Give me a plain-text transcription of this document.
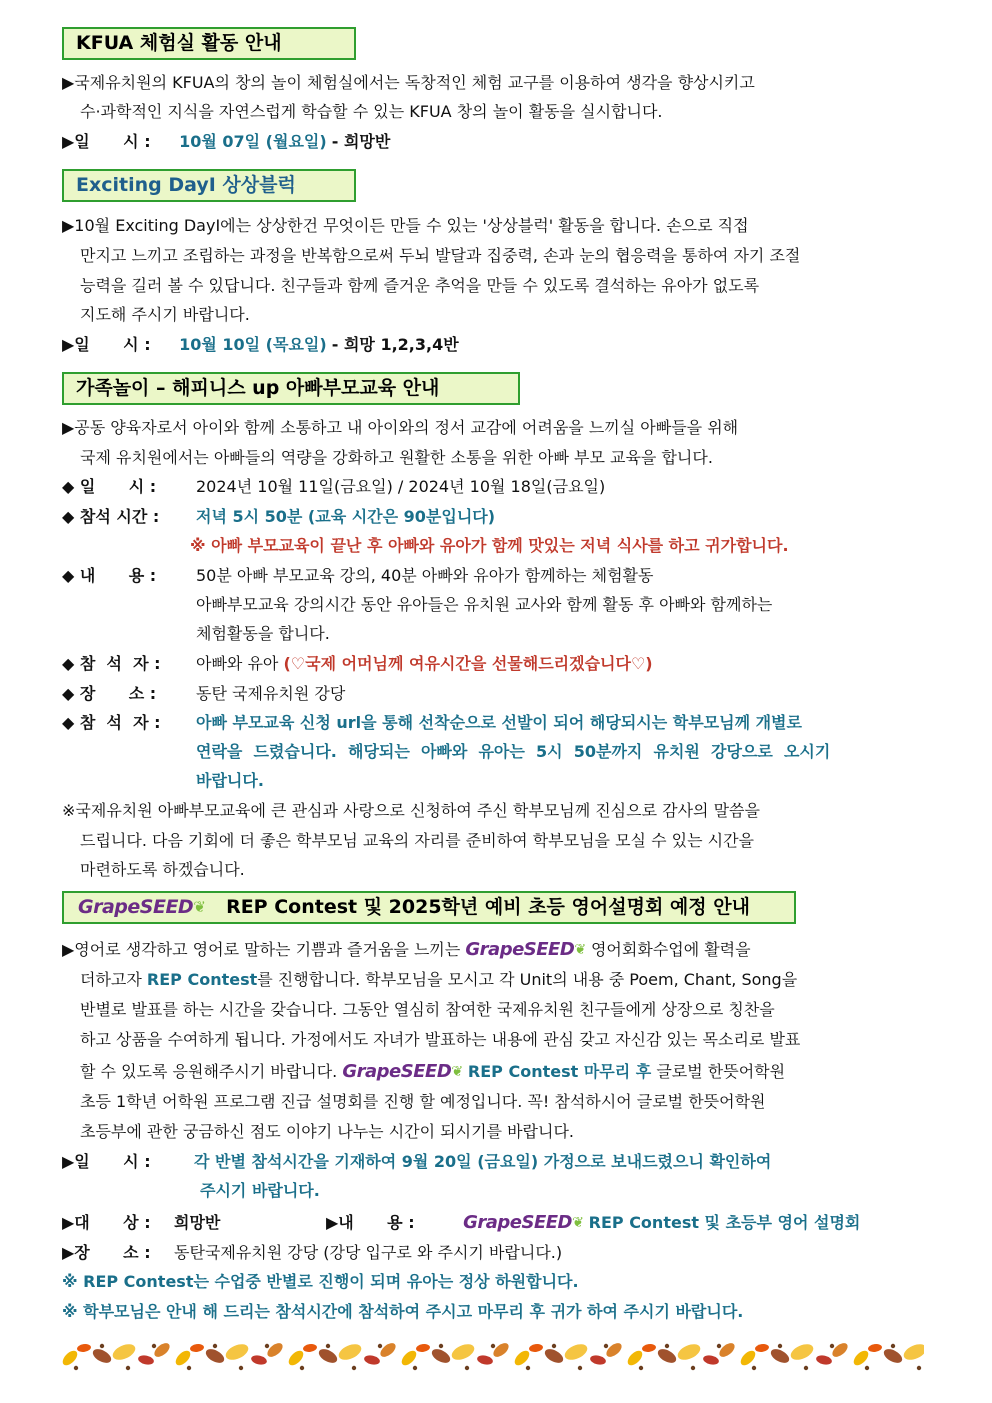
KFUA 체험실 활동 안내
▶국제유치원의 KFUA의 창의 놀이 체험실에서는 독창적인 체험 교구를 이용하여 생각을 향상시키고
수·과학적인 지식을 자연스럽게 학습할 수 있는 KFUA 창의 놀이 활동을 실시합니다.
▶일      시 : 10월 07일 (월요일) - 희망반
Exciting DayⅠ 상상블럭
▶10월 Exciting DayⅠ에는 상상한건 무엇이든 만들 수 있는 '상상블럭' 활동을 합니다. 손으로 직접
만지고 느끼고 조립하는 과정을 반복함으로써 두뇌 발달과 집중력, 손과 눈의 협응력을 통하여 자기 조절
능력을 길러 볼 수 있답니다. 친구들과 함께 즐거운 추억을 만들 수 있도록 결석하는 유아가 없도록
지도해 주시기 바랍니다.
▶일      시 : 10월 10일 (목요일) - 희망 1,2,3,4반
가족놀이 – 해피니스 up 아빠부모교육 안내
▶공동 양육자로서 아이와 함께 소통하고 내 아이와의 정서 교감에 어려움을 느끼실 아빠들을 위해
국제 유치원에서는 아빠들의 역량을 강화하고 원활한 소통을 위한 아빠 부모 교육을 합니다.
◆ 일      시 :	2024년 10월 11일(금요일) / 2024년 10월 18일(금요일)
◆ 참석 시간 :	저녁 5시 50분 (교육 시간은 90분입니다)
※ 아빠 부모교육이 끝난 후 아빠와 유아가 함께 맛있는 저녁 식사를 하고 귀가합니다.
◆ 내      용 :	50분 아빠 부모교육 강의, 40분 아빠와 유아가 함께하는 체험활동
아빠부모교육 강의시간 동안 유아들은 유치원 교사와 함께 활동 후 아빠와 함께하는
체험활동을 합니다.
◆ 참  석  자 :	아빠와 유아 (♡국제 어머님께 여유시간을 선물해드리겠습니다♡)
◆ 장      소 :	동탄 국제유치원 강당
◆ 참  석  자 :	아빠 부모교육 신청 url을 통해 선착순으로 선발이 되어 해당되시는 학부모님께 개별로
연락을  드렸습니다.  해당되는  아빠와  유아는  5시  50분까지  유치원  강당으로  오시기
바랍니다.
※국제유치원 아빠부모교육에 큰 관심과 사랑으로 신청하여 주신 학부모님께 진심으로 감사의 말씀을
드립니다. 다음 기회에 더 좋은 학부모님 교육의 자리를 준비하여 학부모님을 모실 수 있는 시간을
마련하도록 하겠습니다.
GrapeSEED❦ REP Contest 및 2025학년 예비 초등 영어설명회 예정 안내
▶영어로 생각하고 영어로 말하는 기쁨과 즐거움을 느끼는 GrapeSEED❦ 영어회화수업에 활력을
더하고자 REP Contest를 진행합니다. 학부모님을 모시고 각 Unit의 내용 중 Poem, Chant, Song을
반별로 발표를 하는 시간을 갖습니다. 그동안 열심히 참여한 국제유치원 친구들에게 상장으로 칭찬을
하고 상품을 수여하게 됩니다. 가정에서도 자녀가 발표하는 내용에 관심 갖고 자신감 있는 목소리로 발표
할 수 있도록 응원해주시기 바랍니다. GrapeSEED❦ REP Contest 마무리 후 글로벌 한뜻어학원
초등 1학년 어학원 프로그램 진급 설명회를 진행 할 예정입니다. 꼭! 참석하시어 글로벌 한뜻어학원
초등부에 관한 궁금하신 점도 이야기 나누는 시간이 되시기를 바랍니다.
▶일      시 :	각 반별 참석시간을 기재하여 9월 20일 (금요일) 가정으로 보내드렸으니 확인하여
주시기 바랍니다.
▶대      상 : 희망반	▶내      용 :	GrapeSEED❦ REP Contest 및 초등부 영어 설명회
▶장      소 : 동탄국제유치원 강당 (강당 입구로 와 주시기 바랍니다.)
※ REP Contest는 수업중 반별로 진행이 되며 유아는 정상 하원합니다.
※ 학부모님은 안내 해 드리는 참석시간에 참석하여 주시고 마무리 후 귀가 하여 주시기 바랍니다.
